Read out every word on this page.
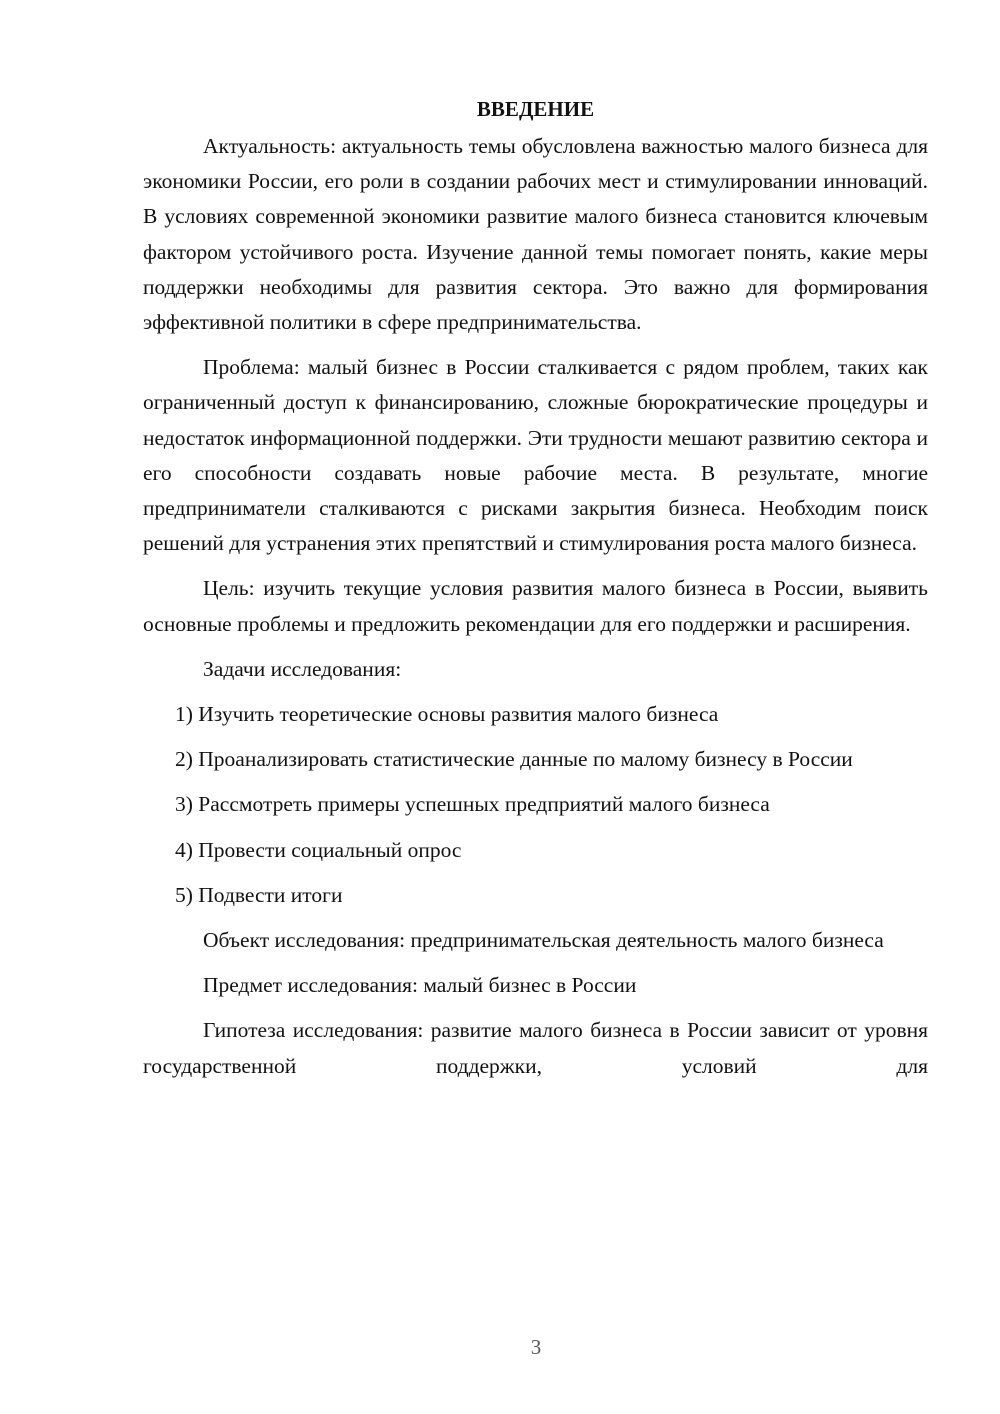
ВВЕДЕНИЕ

Актуальность: актуальность темы обусловлена важностью малого бизнеса для экономики России, его роли в создании рабочих мест и стимулировании инноваций. В условиях современной экономики развитие малого бизнеса становится ключевым фактором устойчивого роста. Изучение данной темы помогает понять, какие меры поддержки необходимы для развития сектора. Это важно для формирования эффективной политики в сфере предпринимательства.

Проблема: малый бизнес в России сталкивается с рядом проблем, таких как ограниченный доступ к финансированию, сложные бюрократические процедуры и недостаток информационной поддержки. Эти трудности мешают развитию сектора и его способности создавать новые рабочие места. В результате, многие предприниматели сталкиваются с рисками закрытия бизнеса. Необходим поиск решений для устранения этих препятствий и стимулирования роста малого бизнеса.

Цель: изучить текущие условия развития малого бизнеса в России, выявить основные проблемы и предложить рекомендации для его поддержки и расширения.

Задачи исследования:

1) Изучить теоретические основы развития малого бизнеса

2) Проанализировать статистические данные по малому бизнесу в России

3) Рассмотреть примеры успешных предприятий малого бизнеса

4) Провести социальный опрос

5) Подвести итоги

Объект исследования: предпринимательская деятельность малого бизнеса

Предмет исследования: малый бизнес в России

Гипотеза исследования: развитие малого бизнеса в России зависит от уровня государственной поддержки, условий для

3
